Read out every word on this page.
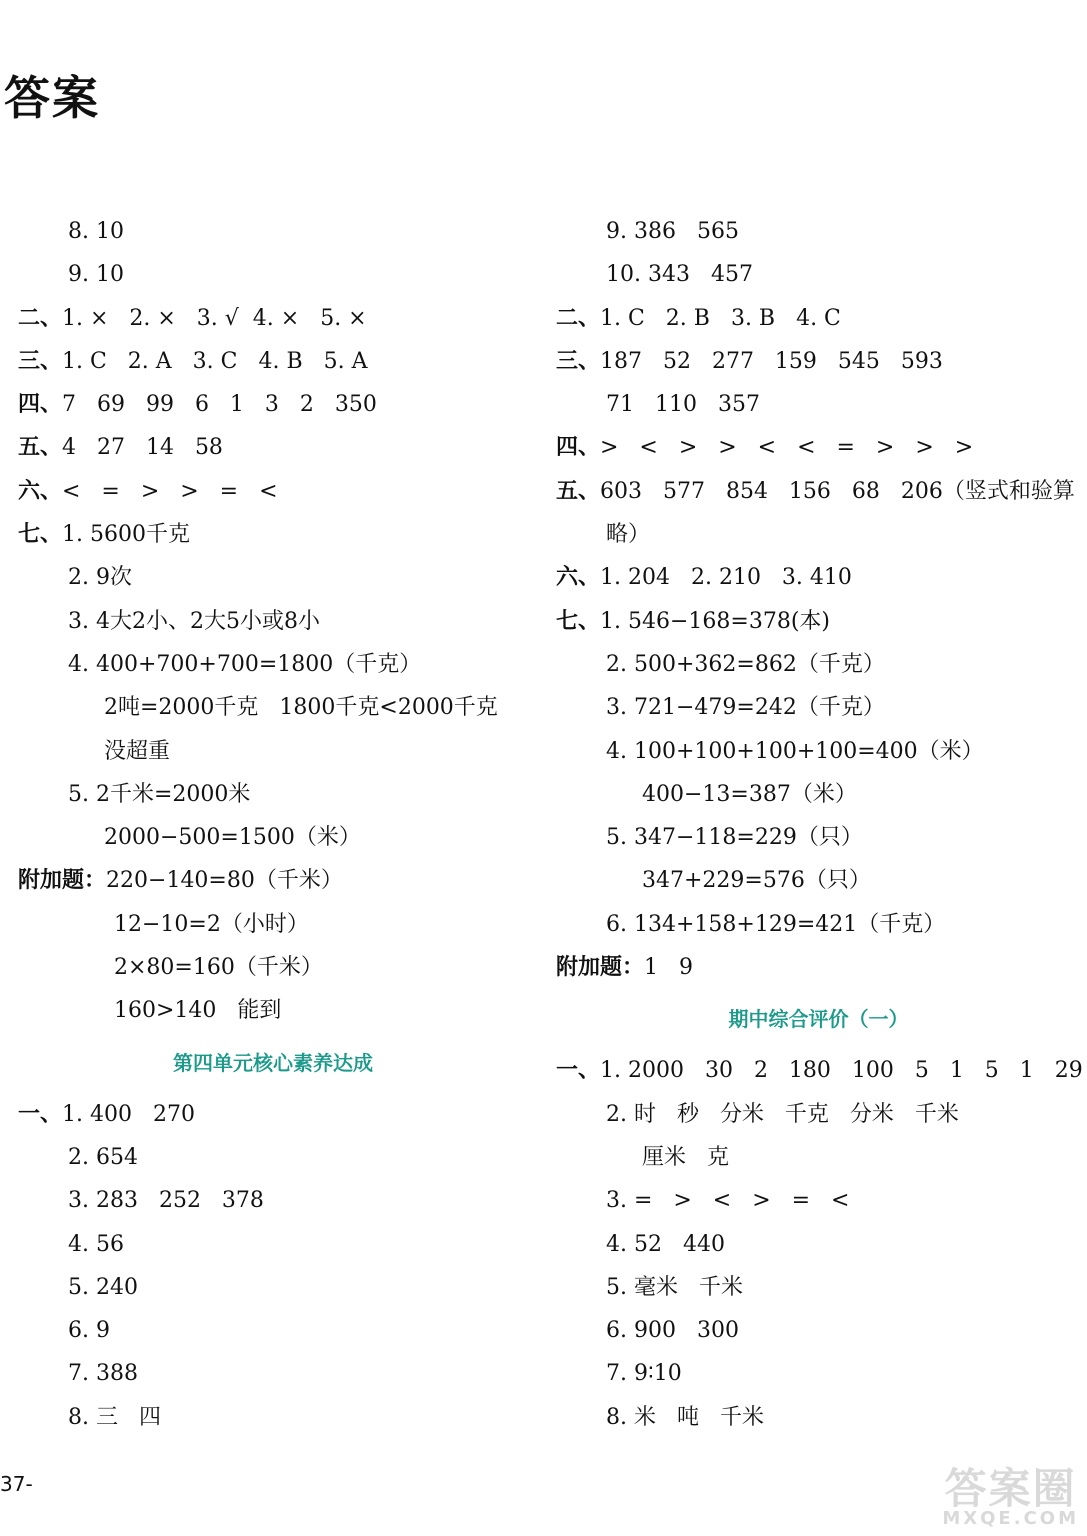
答案
8. 10
9. 10
二、1. ×   2. ×   3. √  4. ×   5. ×
三、1. C   2. A   3. C   4. B   5. A
四、7   69   99   6   1   3   2   350
五、4   27   14   58
六、<   =   >   >   =   <
七、1. 5600千克
2. 9次
3. 4大2小、2大5小或8小
4. 400+700+700=1800（千克）
2吨=2000千克   1800千克<2000千克
没超重
5. 2千米=2000米
2000−500=1500（米）
附加题：220−140=80（千米）
12−10=2（小时）
2×80=160（千米）
160>140   能到
第四单元核心素养达成
一、1. 400   270
2. 654
3. 283   252   378
4. 56
5. 240
6. 9
7. 388
8. 三   四
9. 386   565
10. 343   457
二、1. C   2. B   3. B   4. C
三、187   52   277   159   545   593
71   110   357
四、>   <   >   >   <   <   =   >   >   >
五、603   577   854   156   68   206（竖式和验算
略）
六、1. 204   2. 210   3. 410
七、1. 546−168=378(本)
2. 500+362=862（千克）
3. 721−479=242（千克）
4. 100+100+100+100=400（米）
400−13=387（米）
5. 347−118=229（只）
347+229=576（只）
6. 134+158+129=421（千克）
附加题：1   9
期中综合评价（一）
一、1. 2000   30   2   180   100   5   1   5   1   29
2. 时   秒   分米   千克   分米   千米
厘米   克
3. =   >   <   >   =   <
4. 52   440
5. 毫米   千米
6. 900   300
7. 9∶10
8. 米   吨   千米
37-	答案圈
MXQE.COM
